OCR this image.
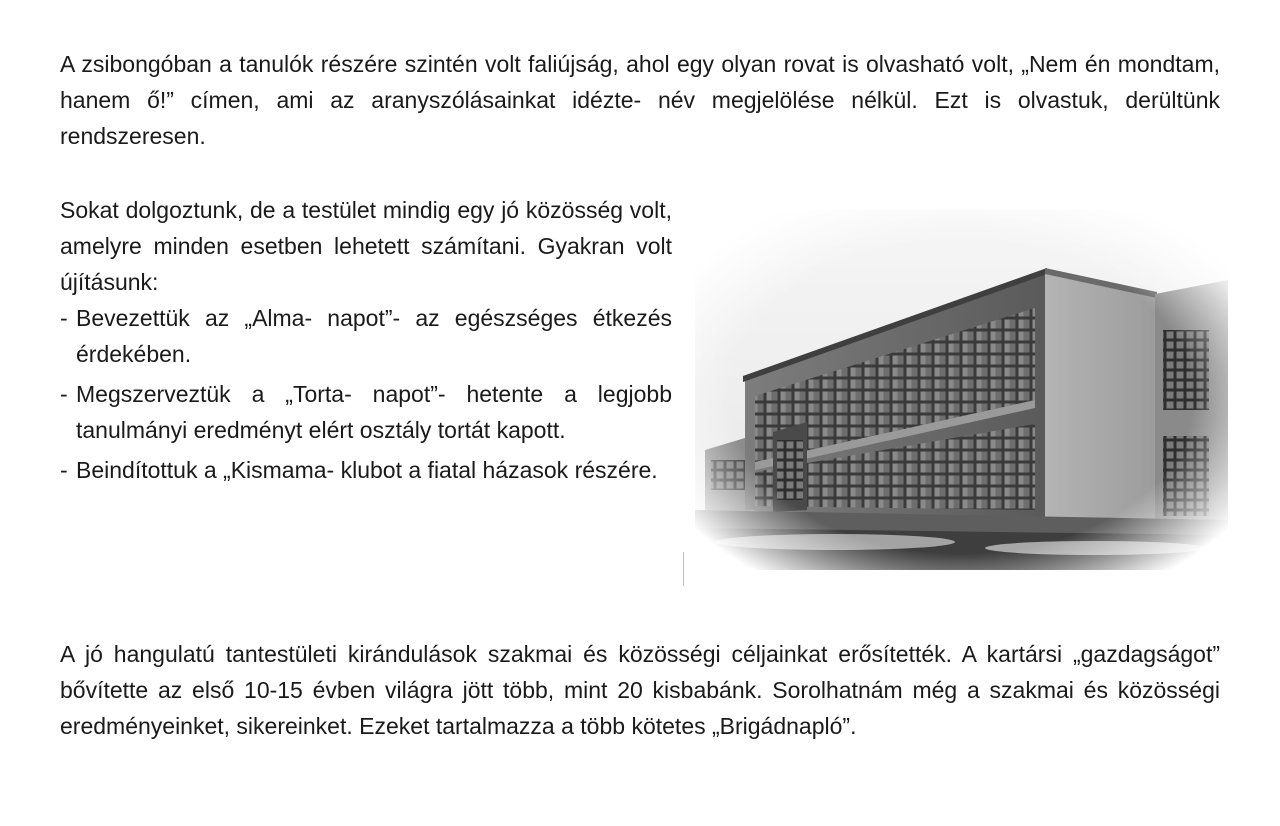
A zsibongóban a tanulók részére szintén volt faliújság, ahol egy olyan rovat is olvasható volt, „Nem én mondtam, hanem ő!” címen, ami az aranyszólásainkat idézte- név megjelölése nélkül. Ezt is olvastuk, derültünk rendszeresen.

Sokat dolgoztunk, de a testület mindig egy jó közösség volt, amelyre minden esetben lehetett számítani. Gyakran volt újításunk:

- Bevezettük az „Alma- napot”- az egészséges étkezés érdekében.
- Megszerveztük a „Torta- napot”- hetente a legjobb tanulmányi eredményt elért osztály tortát kapott.
- Beindítottuk a „Kismama- klubot a fiatal házasok részére.

A jó hangulatú tantestületi kirándulások szakmai és közösségi céljainkat erősítették. A kartársi „gazdagságot” bővítette az első 10-15 évben világra jött több, mint 20 kisbabánk. Sorolhatnám még a szakmai és közösségi eredményeinket, sikereinket. Ezeket tartalmazza a több kötetes „Brigádnapló”.
